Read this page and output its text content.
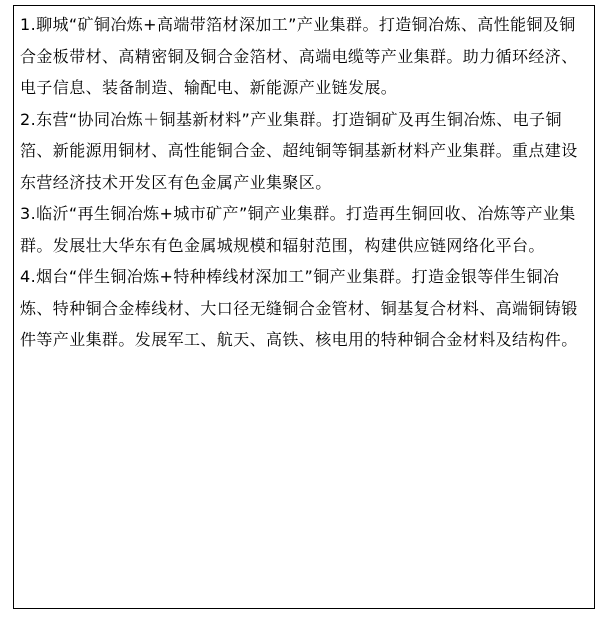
1.聊城“矿铜冶炼+高端带箔材深加工”产业集群。打造铜冶炼、高性能铜及铜合金板带材、高精密铜及铜合金箔材、高端电缆等产业集群。助力循环经济、电子信息、装备制造、输配电、新能源产业链发展。

2.东营“协同冶炼＋铜基新材料”产业集群。打造铜矿及再生铜冶炼、电子铜箔、新能源用铜材、高性能铜合金、超纯铜等铜基新材料产业集群。重点建设东营经济技术开发区有色金属产业集聚区。

3.临沂“再生铜冶炼+城市矿产”铜产业集群。打造再生铜回收、冶炼等产业集群。发展壮大华东有色金属城规模和辐射范围，构建供应链网络化平台。

4.烟台“伴生铜冶炼+特种棒线材深加工”铜产业集群。打造金银等伴生铜冶炼、特种铜合金棒线材、大口径无缝铜合金管材、铜基复合材料、高端铜铸锻件等产业集群。发展军工、航天、高铁、核电用的特种铜合金材料及结构件。
